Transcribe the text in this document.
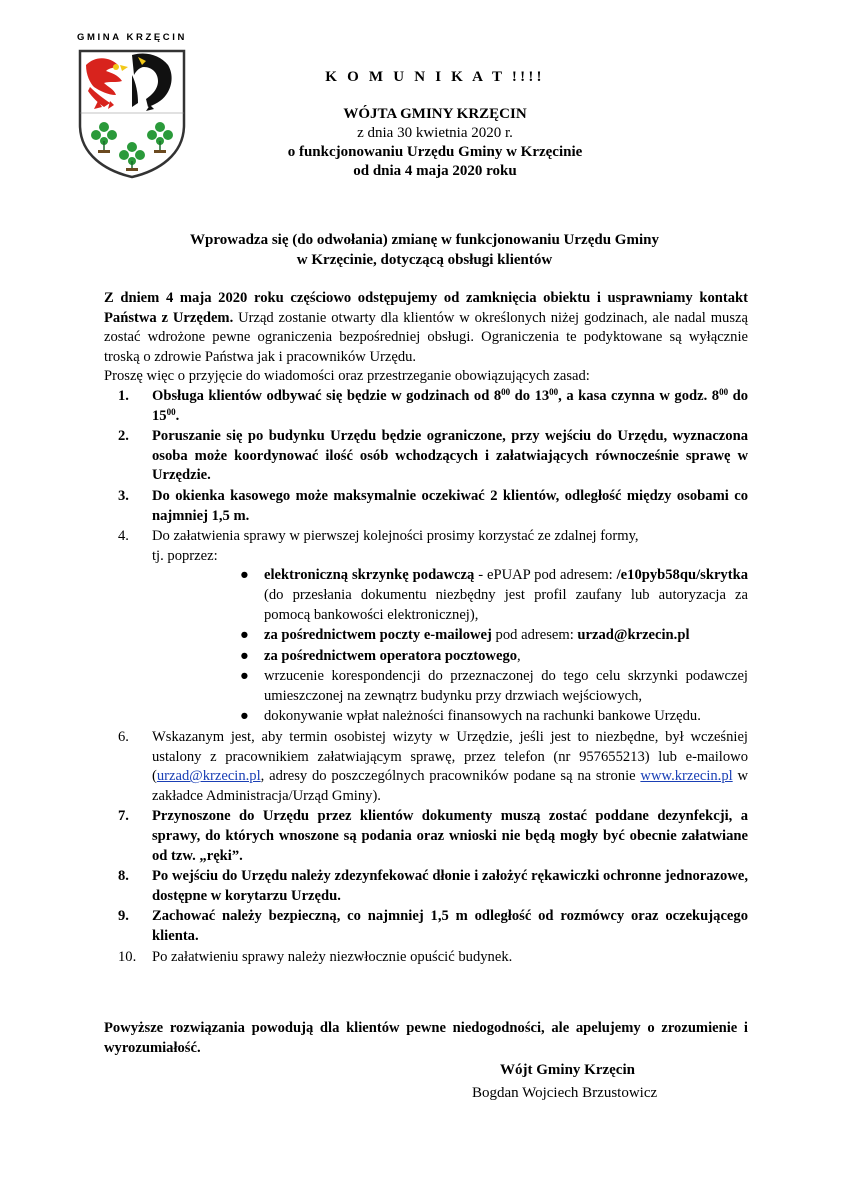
GMINA KRZĘCIN
K O M U N I K A T !!!!
WÓJTA GMINY KRZĘCIN
z dnia 30 kwietnia 2020 r.
o funkcjonowaniu Urzędu Gminy w Krzęcinie
od dnia 4 maja 2020 roku
Wprowadza się (do odwołania) zmianę w funkcjonowaniu Urzędu Gminy
w Krzęcinie, dotyczącą obsługi klientów

Z dniem 4 maja 2020 roku częściowo odstępujemy od zamknięcia obiektu i usprawniamy kontakt Państwa z Urzędem. Urząd zostanie otwarty dla klientów w określonych niżej godzinach, ale nadal muszą zostać wdrożone pewne ograniczenia bezpośredniej obsługi. Ograniczenia te podyktowane są wyłącznie troską o zdrowie Państwa jak i pracowników Urzędu.

Proszę więc o przyjęcie do wiadomości oraz przestrzeganie obowiązujących zasad:

1.	Obsługa klientów odbywać się będzie w godzinach od $8^{00}$ do $13^{00}$, a kasa czynna w godz. $8^{00}$ do $15^{00}$.
2.	Poruszanie się po budynku Urzędu będzie ograniczone, przy wejściu do Urzędu, wyznaczona osoba może koordynować ilość osób wchodzących i załatwiających równocześnie sprawę w Urzędzie.
3.	Do okienka kasowego może maksymalnie oczekiwać 2 klientów, odległość między osobami co najmniej 1,5 m.
4.	Do załatwienia sprawy w pierwszej kolejności prosimy korzystać ze zdalnej formy,
tj. poprzez:
● elektroniczną skrzynkę podawczą - ePUAP pod adresem: /e10pyb58qu/skrytka (do przesłania dokumentu niezbędny jest profil zaufany lub autoryzacja za pomocą bankowości elektronicznej),
● za pośrednictwem poczty e-mailowej pod adresem: urzad@krzecin.pl
● za pośrednictwem operatora pocztowego,
● wrzucenie korespondencji do przeznaczonej do tego celu skrzynki podawczej umieszczonej na zewnątrz budynku przy drzwiach wejściowych,
● dokonywanie wpłat należności finansowych na rachunki bankowe Urzędu.
6.	Wskazanym jest, aby termin osobistej wizyty w Urzędzie, jeśli jest to niezbędne, był wcześniej ustalony z pracownikiem załatwiającym sprawę, przez telefon (nr 957655213) lub e-mailowo (urzad@krzecin.pl, adresy do poszczególnych pracowników podane są na stronie www.krzecin.pl w zakładce Administracja/Urząd Gminy).
7.	Przynoszone do Urzędu przez klientów dokumenty muszą zostać poddane dezynfekcji, a sprawy, do których wnoszone są podania oraz wnioski nie będą mogły być obecnie załatwiane od tzw. „ręki”.
8.	Po wejściu do Urzędu należy zdezynfekować dłonie i założyć rękawiczki ochronne jednorazowe, dostępne w korytarzu Urzędu.
9.	Zachować należy bezpieczną, co najmniej 1,5 m odległość od rozmówcy oraz oczekującego klienta.
10.	Po załatwieniu sprawy należy niezwłocznie opuścić budynek.
Powyższe rozwiązania powodują dla klientów pewne niedogodności, ale apelujemy o zrozumienie i wyrozumiałość.
Wójt Gminy Krzęcin
Bogdan Wojciech Brzustowicz
